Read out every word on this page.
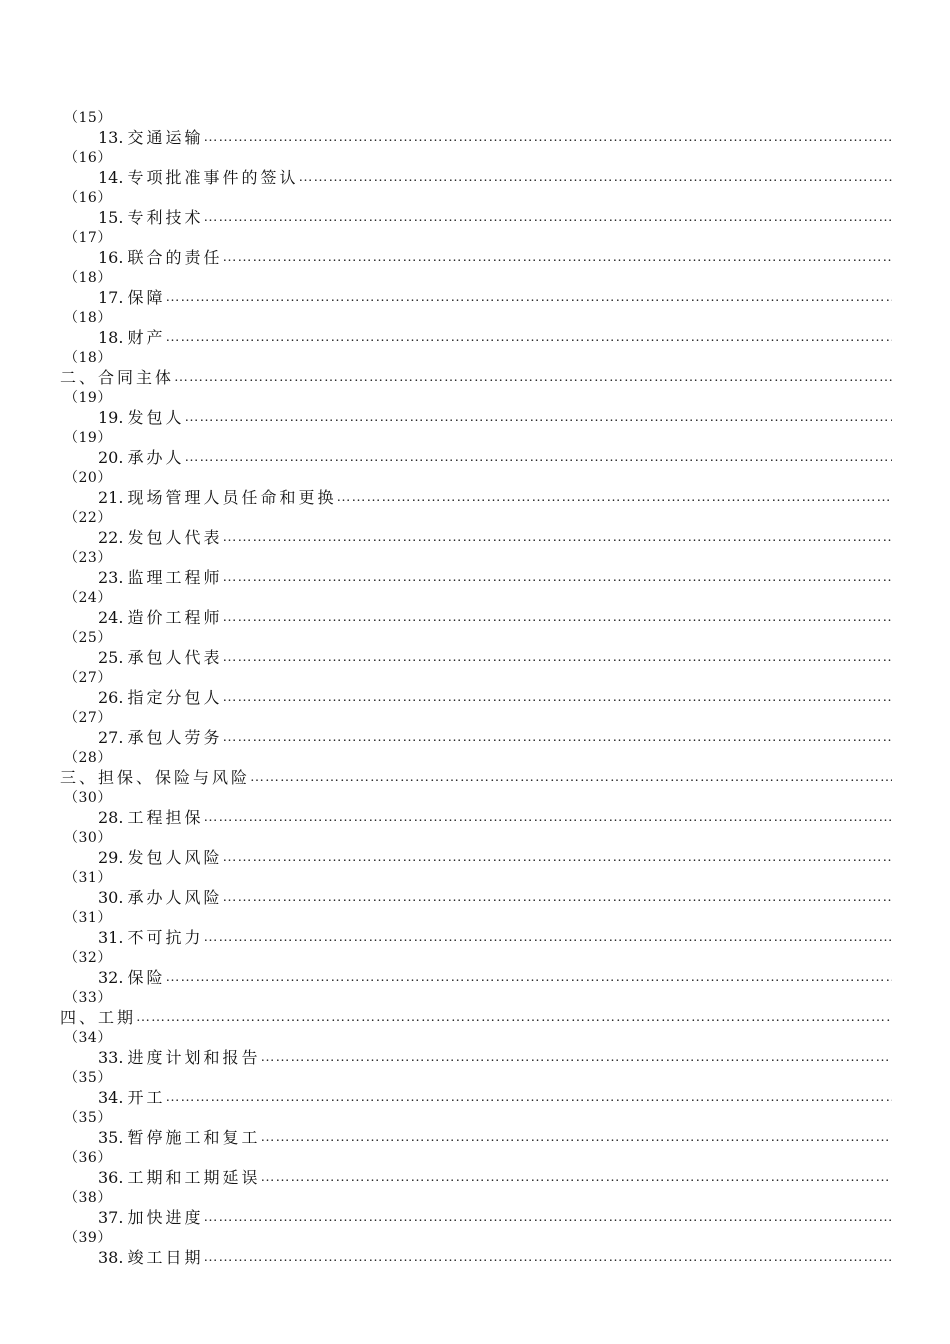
（15）
13. 交通运输
…………………………………………………………………………………………………………………………………………………………………………………………………………………………………………………………
（16）
14. 专项批准事件的签认
…………………………………………………………………………………………………………………………………………………………………………………………………………………………………………………………
（16）
15. 专利技术
…………………………………………………………………………………………………………………………………………………………………………………………………………………………………………………………
（17）
16. 联合的责任
…………………………………………………………………………………………………………………………………………………………………………………………………………………………………………………………
（18）
17. 保障
…………………………………………………………………………………………………………………………………………………………………………………………………………………………………………………………
（18）
18. 财产
…………………………………………………………………………………………………………………………………………………………………………………………………………………………………………………………
（18）
二、合同主体
…………………………………………………………………………………………………………………………………………………………………………………………………………………………………………………………
（19）
19. 发包人
…………………………………………………………………………………………………………………………………………………………………………………………………………………………………………………………
（19）
20. 承办人
…………………………………………………………………………………………………………………………………………………………………………………………………………………………………………………………
（20）
21. 现场管理人员任命和更换
…………………………………………………………………………………………………………………………………………………………………………………………………………………………………………………………
（22）
22. 发包人代表
…………………………………………………………………………………………………………………………………………………………………………………………………………………………………………………………
（23）
23. 监理工程师
…………………………………………………………………………………………………………………………………………………………………………………………………………………………………………………………
（24）
24. 造价工程师
…………………………………………………………………………………………………………………………………………………………………………………………………………………………………………………………
（25）
25. 承包人代表
…………………………………………………………………………………………………………………………………………………………………………………………………………………………………………………………
（27）
26. 指定分包人
…………………………………………………………………………………………………………………………………………………………………………………………………………………………………………………………
（27）
27. 承包人劳务
…………………………………………………………………………………………………………………………………………………………………………………………………………………………………………………………
（28）
三、担保、保险与风险
…………………………………………………………………………………………………………………………………………………………………………………………………………………………………………………………
（30）
28. 工程担保
…………………………………………………………………………………………………………………………………………………………………………………………………………………………………………………………
（30）
29. 发包人风险
…………………………………………………………………………………………………………………………………………………………………………………………………………………………………………………………
（31）
30. 承办人风险
…………………………………………………………………………………………………………………………………………………………………………………………………………………………………………………………
（31）
31. 不可抗力
…………………………………………………………………………………………………………………………………………………………………………………………………………………………………………………………
（32）
32. 保险
…………………………………………………………………………………………………………………………………………………………………………………………………………………………………………………………
（33）
四、工期
…………………………………………………………………………………………………………………………………………………………………………………………………………………………………………………………
（34）
33. 进度计划和报告
…………………………………………………………………………………………………………………………………………………………………………………………………………………………………………………………
（35）
34. 开工
…………………………………………………………………………………………………………………………………………………………………………………………………………………………………………………………
（35）
35. 暂停施工和复工
…………………………………………………………………………………………………………………………………………………………………………………………………………………………………………………………
（36）
36. 工期和工期延误
…………………………………………………………………………………………………………………………………………………………………………………………………………………………………………………………
（38）
37. 加快进度
…………………………………………………………………………………………………………………………………………………………………………………………………………………………………………………………
（39）
38. 竣工日期
…………………………………………………………………………………………………………………………………………………………………………………………………………………………………………………………
